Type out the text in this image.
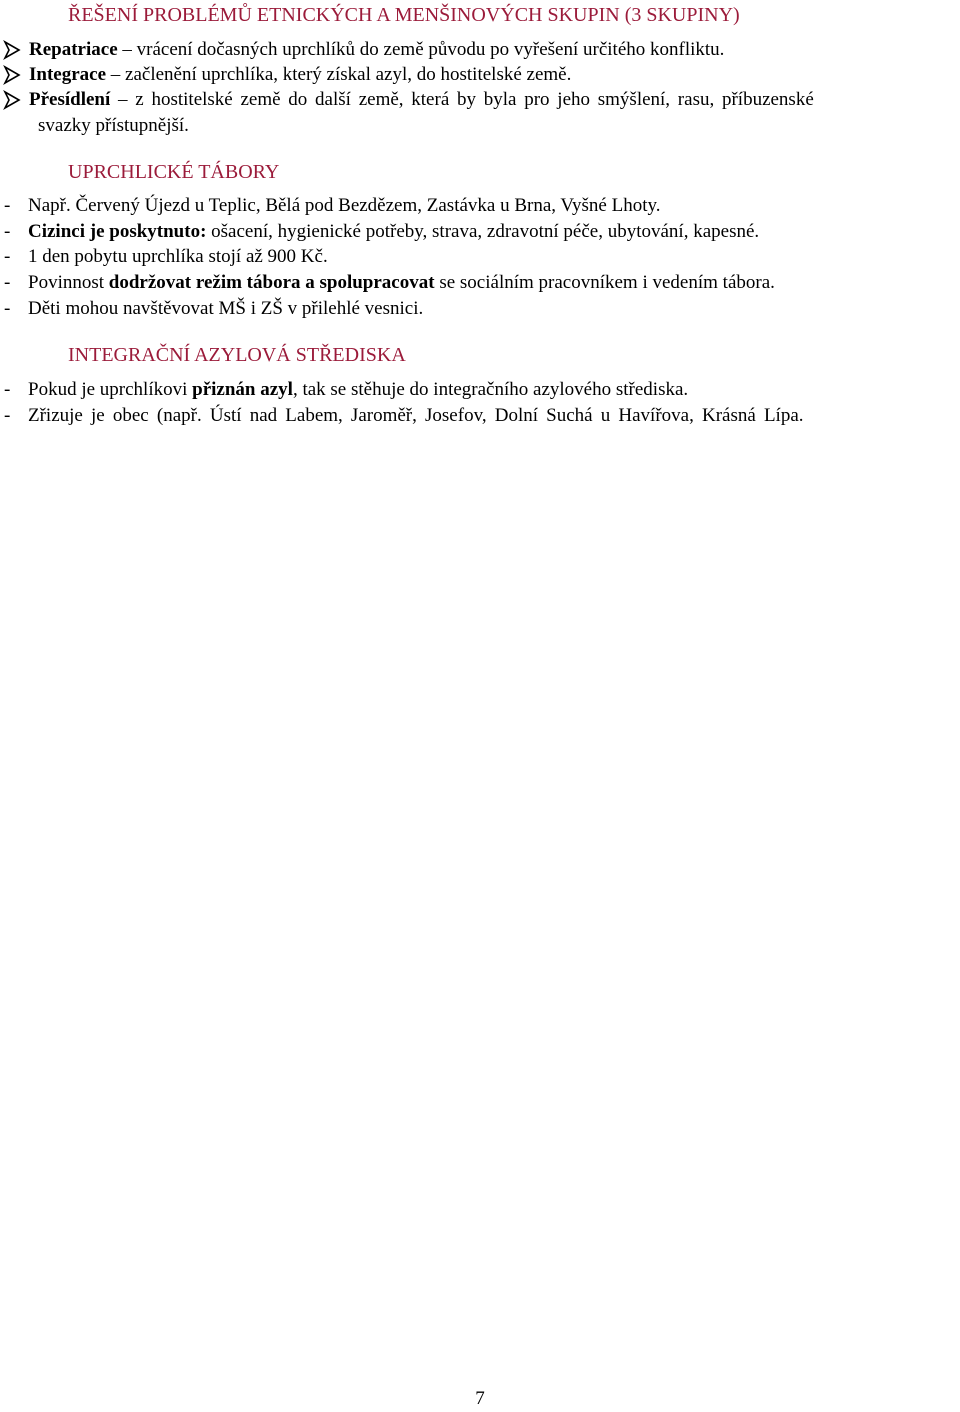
ŘEŠENÍ PROBLÉMŮ ETNICKÝCH A MENŠINOVÝCH SKUPIN (3 SKUPINY)
Repatriace – vrácení dočasných uprchlíků do země původu po vyřešení určitého konfliktu.
Integrace – začlenění uprchlíka, který získal azyl, do hostitelské země.
Přesídlení – z hostitelské země do další země, která by byla pro jeho smýšlení, rasu, příbuzenské
svazky přístupnější.
UPRCHLICKÉ TÁBORY
- Např. Červený Újezd u Teplic, Bělá pod Bezdězem, Zastávka u Brna, Vyšné Lhoty.
- Cizinci je poskytnuto: ošacení, hygienické potřeby, strava, zdravotní péče, ubytování, kapesné.
- 1 den pobytu uprchlíka stojí až 900 Kč.
- Povinnost dodržovat režim tábora a spolupracovat se sociálním pracovníkem i vedením tábora.
- Děti mohou navštěvovat MŠ i ZŠ v přilehlé vesnici.
INTEGRAČNÍ AZYLOVÁ STŘEDISKA
- Pokud je uprchlíkovi přiznán azyl, tak se stěhuje do integračního azylového střediska.
- Zřizuje je obec (např. Ústí nad Labem, Jaroměř, Josefov, Dolní Suchá u Havířova, Krásná Lípa.
7
